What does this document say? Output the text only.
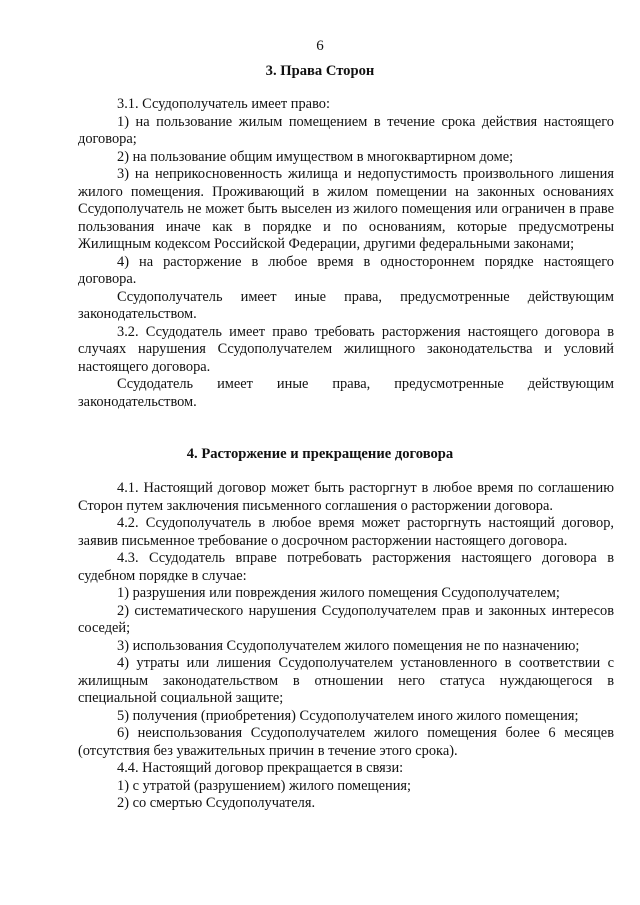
6
3. Права Сторон

3.1. Ссудополучатель имеет право:

1) на пользование жилым помещением в течение срока действия настоящего договора;

2) на пользование общим имуществом в многоквартирном доме;

3) на неприкосновенность жилища и недопустимость произвольного лишения жилого помещения. Проживающий в жилом помещении на законных основаниях Ссудополучатель не может быть выселен из жилого помещения или ограничен в праве пользования иначе как в порядке и по основаниям, которые предусмотрены Жилищным кодексом Российской Федерации, другими федеральными законами;

4) на расторжение в любое время в одностороннем порядке настоящего договора.

Ссудополучатель имеет иные права, предусмотренные действующим законодательством.

3.2. Ссудодатель имеет право требовать расторжения настоящего договора в случаях нарушения Ссудополучателем жилищного законодательства и условий настоящего договора.

Ссудодатель имеет иные права, предусмотренные действующим законодательством.

4. Расторжение и прекращение договора

4.1. Настоящий договор может быть расторгнут в любое время по соглашению Сторон путем заключения письменного соглашения о расторжении договора.

4.2. Ссудополучатель в любое время может расторгнуть настоящий договор, заявив письменное требование о досрочном расторжении настоящего договора.

4.3. Ссудодатель вправе потребовать расторжения настоящего договора в судебном порядке в случае:

1) разрушения или повреждения жилого помещения Ссудополучателем;

2) систематического нарушения Ссудополучателем прав и законных интересов соседей;

3) использования Ссудополучателем жилого помещения не по назначению;

4) утраты или лишения Ссудополучателем установленного в соответствии с жилищным законодательством в отношении него статуса нуждающегося в специальной социальной защите;

5) получения (приобретения) Ссудополучателем иного жилого помещения;

6) неиспользования Ссудополучателем жилого помещения более 6 месяцев (отсутствия без уважительных причин в течение этого срока).

4.4. Настоящий договор прекращается в связи:

1) с утратой (разрушением) жилого помещения;

2) со смертью Ссудополучателя.
